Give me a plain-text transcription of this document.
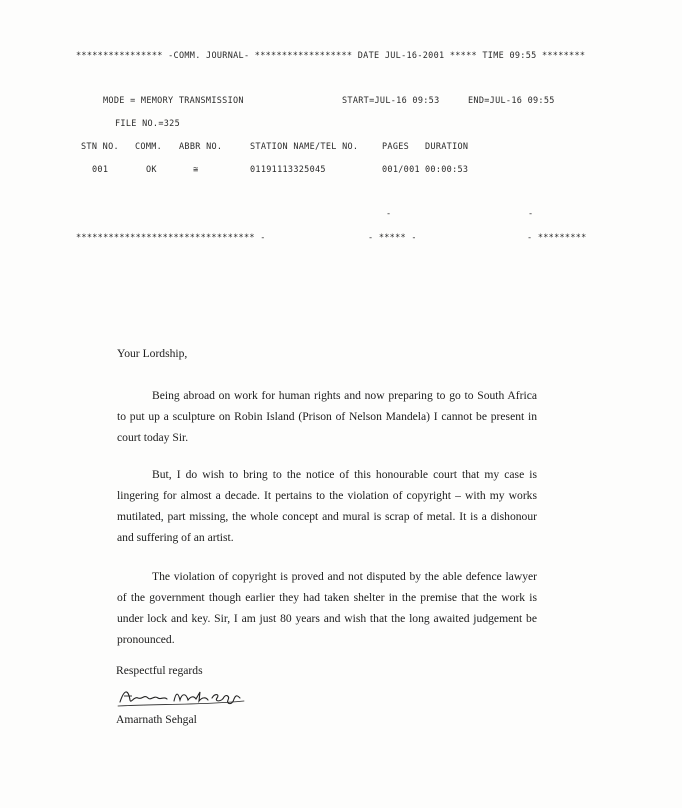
**************** -COMM. JOURNAL- ****************** DATE JUL-16-2001 ***** TIME 09:55 ********
MODE = MEMORY TRANSMISSION	START=JUL-16 09:53	END=JUL-16 09:55
FILE NO.=325
STN NO. COMM. ABBR NO.	STATION NAME/TEL NO.	PAGES DURATION
001	OK	≅	01191113325045	001/001 00:00:53
-	-
********************************* -	- ***** -	- *********
Your Lordship,
Being abroad on work for human rights and now preparing to go to South Africa to put up a sculpture on Robin Island (Prison of Nelson Mandela) I cannot be present in court today Sir.
But, I do wish to bring to the notice of this honourable court that my case is lingering for almost a decade. It pertains to the violation of copyright – with my works mutilated, part missing, the whole concept and mural is scrap of metal. It is a dishonour and suffering of an artist.
The violation of copyright is proved and not disputed by the able defence lawyer of the government though earlier they had taken shelter in the premise that the work is under lock and key. Sir, I am just 80 years and wish that the long awaited judgement be pronounced.
Respectful regards
Amarnath Sehgal
